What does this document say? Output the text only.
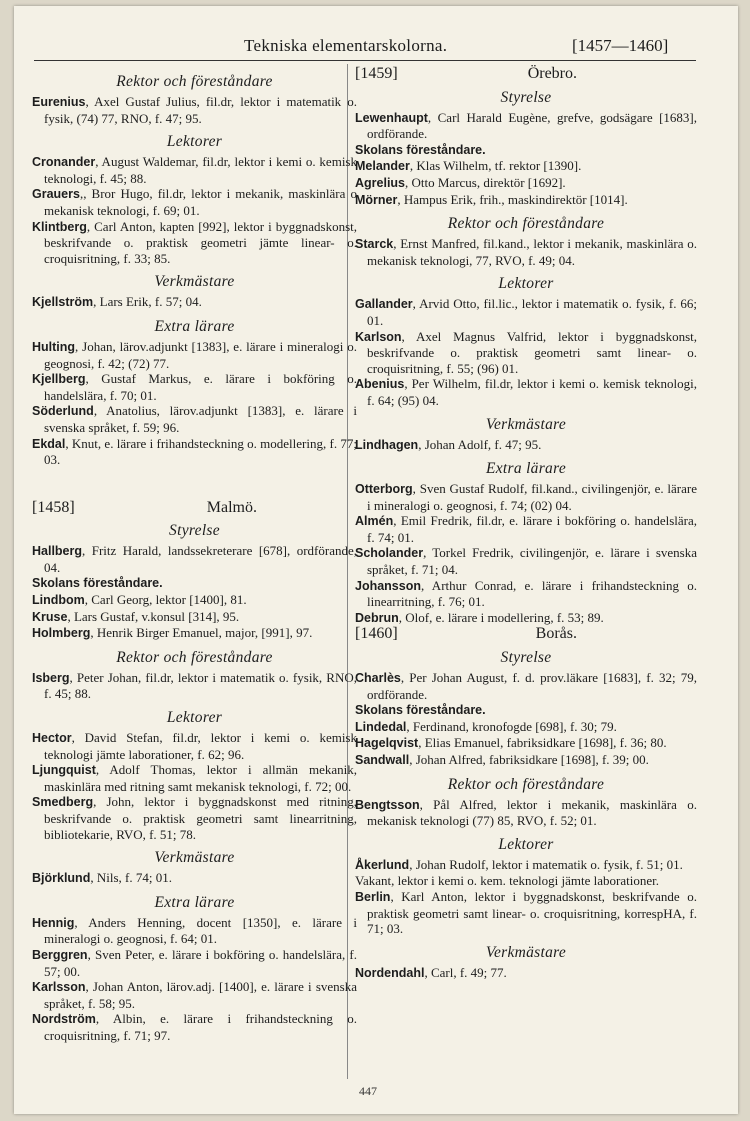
Tekniska elementarskolorna.	[1457—1460]
Rektor och föreståndare

Eurenius, Axel Gustaf Julius, fil.dr, lektor i matematik o. fysik, (74) 77, RNO, f. 47; 95.

Lektorer

Cronander, August Waldemar, fil.dr, lektor i kemi o. kemisk teknologi, f. 45; 88.

Grauers,, Bror Hugo, fil.dr, lektor i mekanik, maskinlära o mekanisk teknologi, f. 69; 01.

Klintberg, Carl Anton, kapten [992], lektor i byggnadskonst, beskrifvande o. praktisk geometri jämte linear- o. croquisritning, f. 33; 85.

Verkmästare

Kjellström, Lars Erik, f. 57; 04.

Extra lärare

Hulting, Johan, lärov.adjunkt [1383], e. lärare i mineralogi o. geognosi, f. 42; (72) 77.

Kjellberg, Gustaf Markus, e. lärare i bokföring o. handelslära, f. 70; 01.

Söderlund, Anatolius, lärov.adjunkt [1383], e. lärare i svenska språket, f. 59; 96.

Ekdal, Knut, e. lärare i frihandsteckning o. modellering, f. 77; 03.

[1458]	Malmö.
Styrelse

Hallberg, Fritz Harald, landssekreterare [678], ordförande, 04.

Skolans föreståndare.

Lindbom, Carl Georg, lektor [1400], 81.

Kruse, Lars Gustaf, v.konsul [314], 95.

Holmberg, Henrik Birger Emanuel, major, [991], 97.

Rektor och föreståndare

Isberg, Peter Johan, fil.dr, lektor i matematik o. fysik, RNO, f. 45; 88.

Lektorer

Hector, David Stefan, fil.dr, lektor i kemi o. kemisk teknologi jämte laborationer, f. 62; 96.

Ljungquist, Adolf Thomas, lektor i allmän mekanik, maskinlära med ritning samt mekanisk teknologi, f. 72; 00.

Smedberg, John, lektor i byggnadskonst med ritning, beskrifvande o. praktisk geometri samt linearritning, bibliotekarie, RVO, f. 51; 78.

Verkmästare

Björklund, Nils, f. 74; 01.

Extra lärare

Hennig, Anders Henning, docent [1350], e. lärare i mineralogi o. geognosi, f. 64; 01.

Berggren, Sven Peter, e. lärare i bokföring o. handelslära, f. 57; 00.

Karlsson, Johan Anton, lärov.adj. [1400], e. lärare i svenska språket, f. 58; 95.

Nordström, Albin, e. lärare i frihandsteckning o. croquisritning, f. 71; 97.

[1459]	Örebro.
Styrelse

Lewenhaupt, Carl Harald Eugène, grefve, godsägare [1683], ordförande.

Skolans föreståndare.

Melander, Klas Wilhelm, tf. rektor [1390].

Agrelius, Otto Marcus, direktör [1692].

Mörner, Hampus Erik, frih., maskindirektör [1014].

Rektor och föreståndare

Starck, Ernst Manfred, fil.kand., lektor i mekanik, maskinlära o. mekanisk teknologi, 77, RVO, f. 49; 04.

Lektorer

Gallander, Arvid Otto, fil.lic., lektor i matematik o. fysik, f. 66; 01.

Karlson, Axel Magnus Valfrid, lektor i byggnadskonst, beskrifvande o. praktisk geometri samt linear- o. croquisritning, f. 55; (96) 01.

Abenius, Per Wilhelm, fil.dr, lektor i kemi o. kemisk teknologi, f. 64; (95) 04.

Verkmästare

Lindhagen, Johan Adolf, f. 47; 95.

Extra lärare

Otterborg, Sven Gustaf Rudolf, fil.kand., civilingenjör, e. lärare i mineralogi o. geognosi, f. 74; (02) 04.

Almén, Emil Fredrik, fil.dr, e. lärare i bokföring o. handelslära, f. 74; 01.

Scholander, Torkel Fredrik, civilingenjör, e. lärare i svenska språket, f. 71; 04.

Johansson, Arthur Conrad, e. lärare i frihandsteckning o. linearritning, f. 76; 01.

Debrun, Olof, e. lärare i modellering, f. 53; 89.

[1460]	Borås.
Styrelse

Charlès, Per Johan August, f. d. prov.läkare [1683], f. 32; 79, ordförande.

Skolans föreståndare.

Lindedal, Ferdinand, kronofogde [698], f. 30; 79.

Hagelqvist, Elias Emanuel, fabriksidkare [1698], f. 36; 80.

Sandwall, Johan Alfred, fabriksidkare [1698], f. 39; 00.

Rektor och föreståndare

Bengtsson, Pål Alfred, lektor i mekanik, maskinlära o. mekanisk teknologi (77) 85, RVO, f. 52; 01.

Lektorer

Åkerlund, Johan Rudolf, lektor i matematik o. fysik, f. 51; 01.

Vakant, lektor i kemi o. kem. teknologi jämte laborationer.

Berlin, Karl Anton, lektor i byggnadskonst, beskrifvande o. praktisk geometri samt linear- o. croquisritning, korrespHA, f. 71; 03.

Verkmästare

Nordendahl, Carl, f. 49; 77.

447
